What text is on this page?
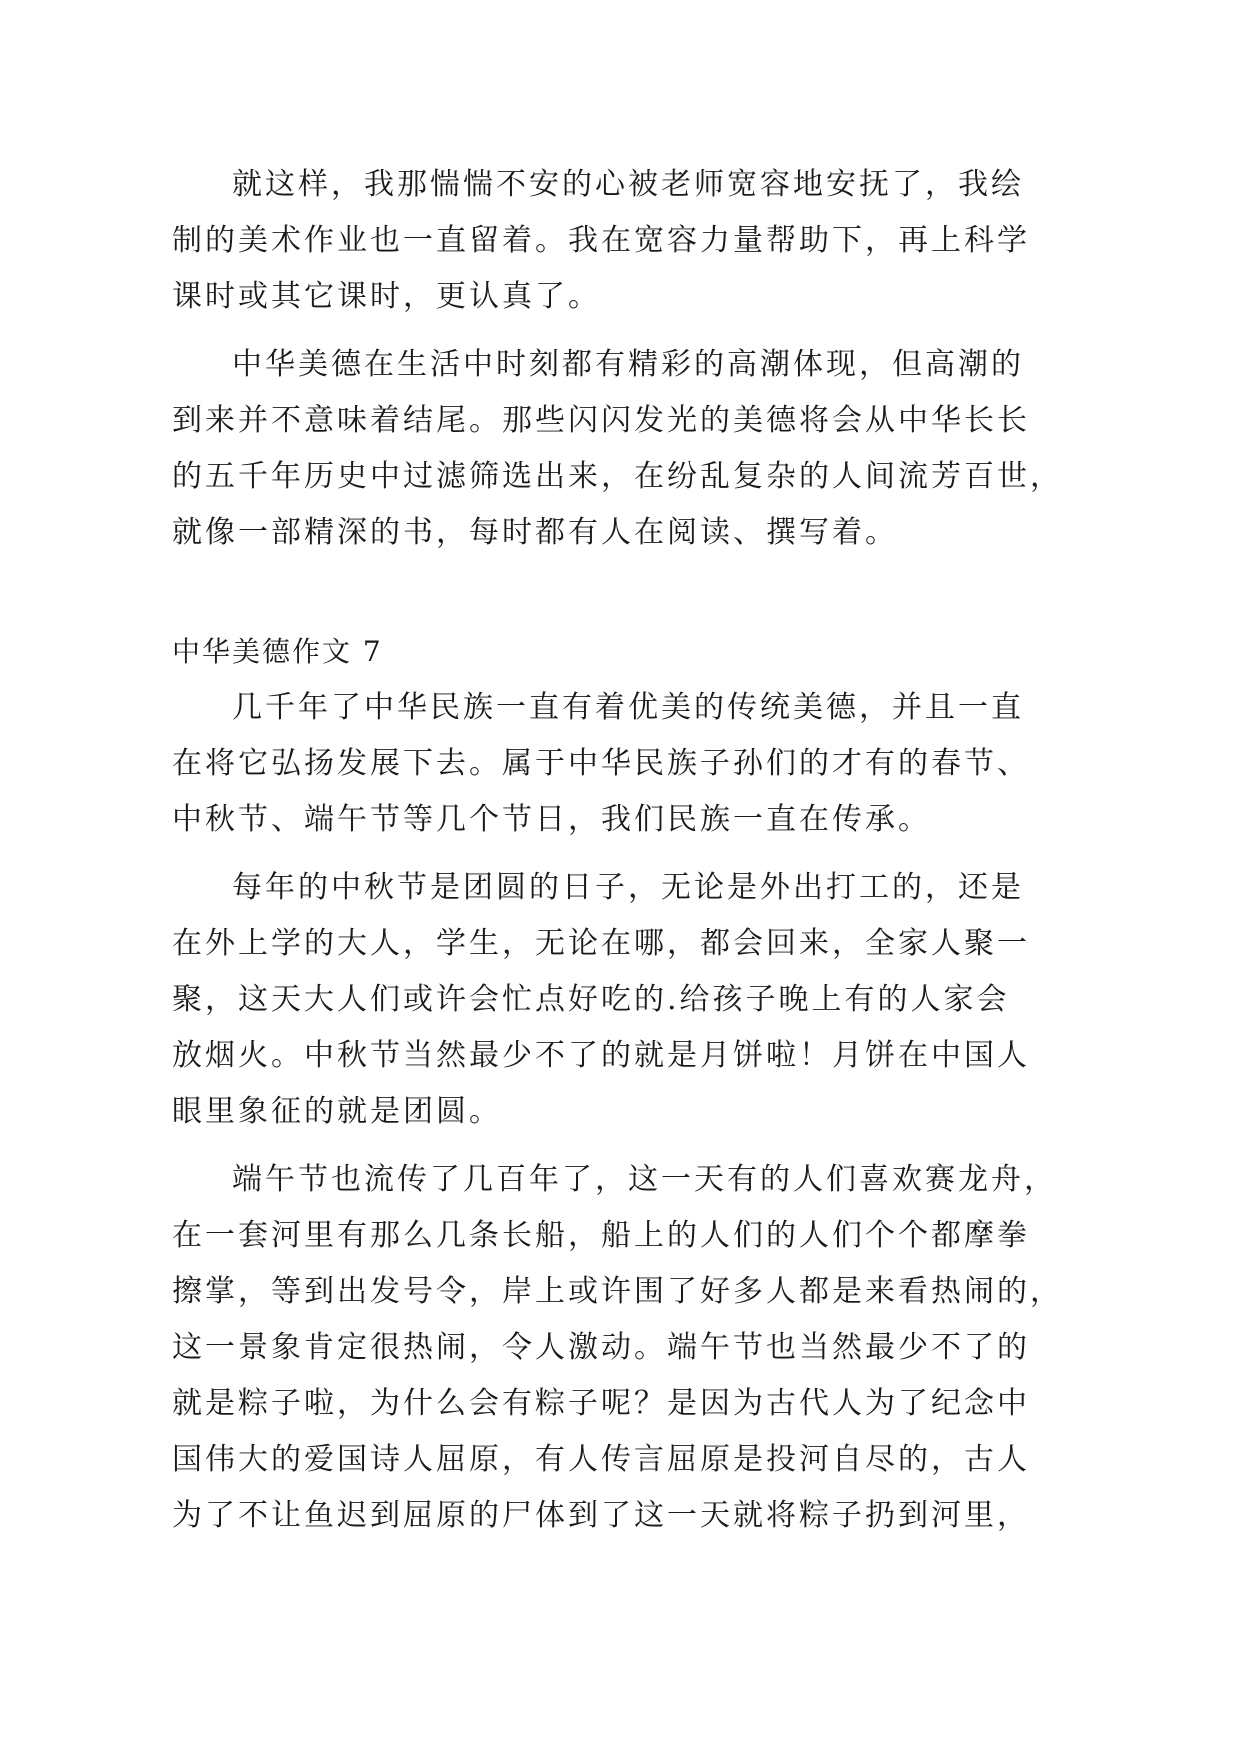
就这样，我那惴惴不安的心被老师宽容地安抚了，我绘
制的美术作业也一直留着。我在宽容力量帮助下，再上科学
课时或其它课时，更认真了。
中华美德在生活中时刻都有精彩的高潮体现，但高潮的
到来并不意味着结尾。那些闪闪发光的美德将会从中华长长
的五千年历史中过滤筛选出来，在纷乱复杂的人间流芳百世，
就像一部精深的书，每时都有人在阅读、撰写着。
中华美德作文 7
几千年了中华民族一直有着优美的传统美德，并且一直
在将它弘扬发展下去。属于中华民族子孙们的才有的春节、
中秋节、端午节等几个节日，我们民族一直在传承。
每年的中秋节是团圆的日子，无论是外出打工的，还是
在外上学的大人，学生，无论在哪，都会回来，全家人聚一
聚，这天大人们或许会忙点好吃的.给孩子晚上有的人家会
放烟火。中秋节当然最少不了的就是月饼啦！月饼在中国人
眼里象征的就是团圆。
端午节也流传了几百年了，这一天有的人们喜欢赛龙舟，
在一套河里有那么几条长船，船上的人们的人们个个都摩拳
擦掌，等到出发号令，岸上或许围了好多人都是来看热闹的，
这一景象肯定很热闹，令人激动。端午节也当然最少不了的
就是粽子啦，为什么会有粽子呢？是因为古代人为了纪念中
国伟大的爱国诗人屈原，有人传言屈原是投河自尽的，古人
为了不让鱼迟到屈原的尸体到了这一天就将粽子扔到河里，
